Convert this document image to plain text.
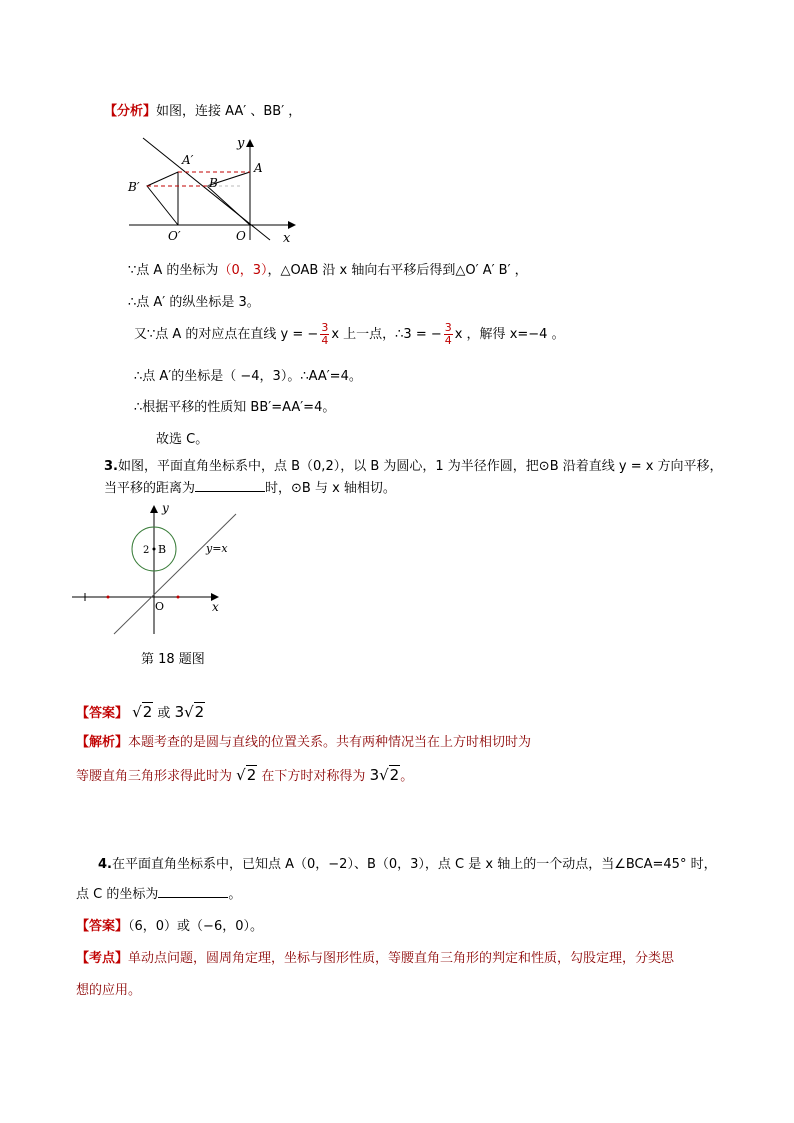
【分析】如图，连接 AA′ 、BB′ ，
y
x
A′
A
B′	B
O′	O
∵点 A 的坐标为（0，3），△OAB 沿 x 轴向右平移后得到△O′ A′ B′ ，
∴点 A′ 的纵坐标是 3。
又∵点 A 的对应点在直线 y = − $\frac{3}{4}$ x 上一点，∴3 = − $\frac{3}{4}$ x ，解得 x=−4 。
∴点 A′的坐标是（ −4，3）。∴AA′=4。
∴根据平移的性质知 BB′=AA′=4。
故选 C。
3.如图，平面直角坐标系中，点 B（0,2），以 B 为圆心，1 为半径作圆，把⊙B 沿着直线 y = x 方向平移，
当平移的距离为	时，⊙B 与 x 轴相切。
y
x
2 B
O
y=x
第 18 题图
【答案】 √2 或 3√2
【解析】本题考查的是圆与直线的位置关系。共有两种情况当在上方时相切时为
等腰直角三角形求得此时为 √2 在下方时对称得为 3√2。
4.在平面直角坐标系中，已知点 A（0，−2）、B（0，3），点 C 是 x 轴上的一个动点，当∠BCA=45° 时，
点 C 的坐标为	。
【答案】（6，0）或（−6，0）。
【考点】单动点问题，圆周角定理，坐标与图形性质，等腰直角三角形的判定和性质，勾股定理，分类思
想的应用。
